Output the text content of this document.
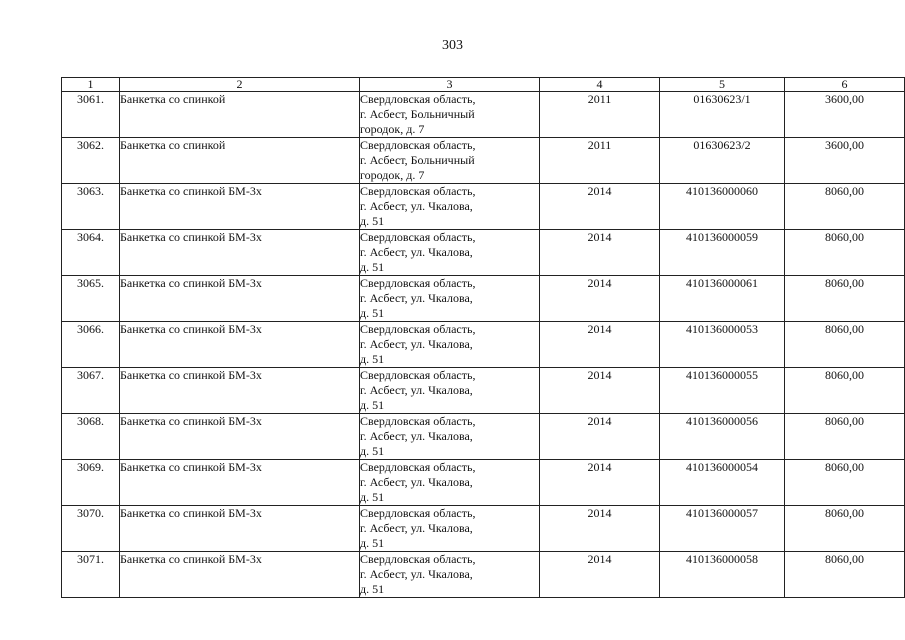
303
1	2	3	4	5	6
3061.	Банкетка со спинкой	Свердловская область,
г. Асбест, Больничный
городок, д. 7	2011	01630623/1	3600,00
3062.	Банкетка со спинкой	Свердловская область,
г. Асбест, Больничный
городок, д. 7	2011	01630623/2	3600,00
3063.	Банкетка со спинкой БМ-3х	Свердловская область,
г. Асбест, ул. Чкалова,
д. 51	2014	410136000060	8060,00
3064.	Банкетка со спинкой БМ-3х	Свердловская область,
г. Асбест, ул. Чкалова,
д. 51	2014	410136000059	8060,00
3065.	Банкетка со спинкой БМ-3х	Свердловская область,
г. Асбест, ул. Чкалова,
д. 51	2014	410136000061	8060,00
3066.	Банкетка со спинкой БМ-3х	Свердловская область,
г. Асбест, ул. Чкалова,
д. 51	2014	410136000053	8060,00
3067.	Банкетка со спинкой БМ-3х	Свердловская область,
г. Асбест, ул. Чкалова,
д. 51	2014	410136000055	8060,00
3068.	Банкетка со спинкой БМ-3х	Свердловская область,
г. Асбест, ул. Чкалова,
д. 51	2014	410136000056	8060,00
3069.	Банкетка со спинкой БМ-3х	Свердловская область,
г. Асбест, ул. Чкалова,
д. 51	2014	410136000054	8060,00
3070.	Банкетка со спинкой БМ-3х	Свердловская область,
г. Асбест, ул. Чкалова,
д. 51	2014	410136000057	8060,00
3071.	Банкетка со спинкой БМ-3х	Свердловская область,
г. Асбест, ул. Чкалова,
д. 51	2014	410136000058	8060,00
